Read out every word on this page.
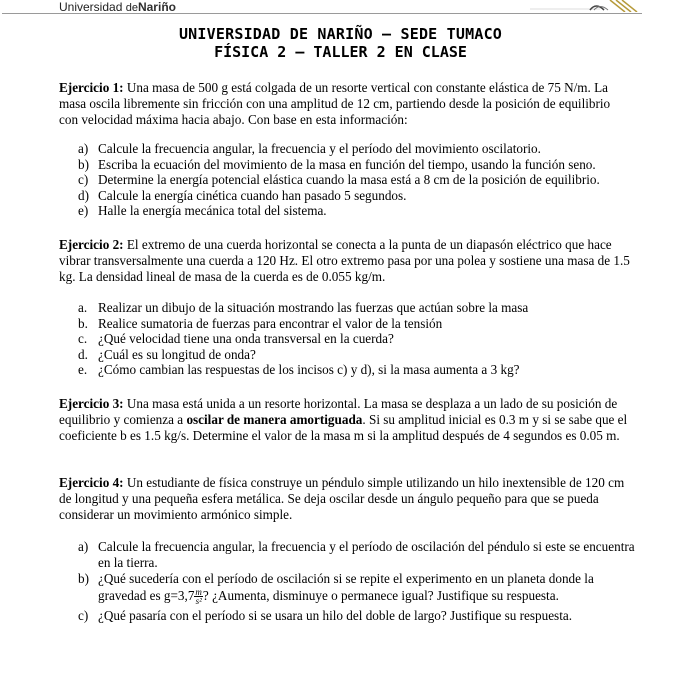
Universidad deNariño
UNIVERSIDAD DE NARIÑO – SEDE TUMACO
FÍSICA 2 – TALLER 2 EN CLASE
Ejercicio 1: Una masa de 500 g está colgada de un resorte vertical con constante elástica de 75 N/m. La masa oscila libremente sin fricción con una amplitud de 12 cm, partiendo desde la posición de equilibrio con velocidad máxima hacia abajo. Con base en esta información:
a) Calcule la frecuencia angular, la frecuencia y el período del movimiento oscilatorio.
b) Escriba la ecuación del movimiento de la masa en función del tiempo, usando la función seno.
c) Determine la energía potencial elástica cuando la masa está a 8 cm de la posición de equilibrio.
d) Calcule la energía cinética cuando han pasado 5 segundos.
e) Halle la energía mecánica total del sistema.
Ejercicio 2: El extremo de una cuerda horizontal se conecta a la punta de un diapasón eléctrico que hace vibrar transversalmente una cuerda a 120 Hz. El otro extremo pasa por una polea y sostiene una masa de 1.5 kg. La densidad lineal de masa de la cuerda es de 0.055 kg/m.
a. Realizar un dibujo de la situación mostrando las fuerzas que actúan sobre la masa
b. Realice sumatoria de fuerzas para encontrar el valor de la tensión
c. ¿Qué velocidad tiene una onda transversal en la cuerda?
d. ¿Cuál es su longitud de onda?
e. ¿Cómo cambian las respuestas de los incisos c) y d), si la masa aumenta a 3 kg?
Ejercicio 3: Una masa está unida a un resorte horizontal. La masa se desplaza a un lado de su posición de equilibrio y comienza a oscilar de manera amortiguada. Si su amplitud inicial es 0.3 m y si se sabe que el coeficiente b es 1.5 kg/s. Determine el valor de la masa m si la amplitud después de 4 segundos es 0.05 m.
Ejercicio 4: Un estudiante de física construye un péndulo simple utilizando un hilo inextensible de 120 cm de longitud y una pequeña esfera metálica. Se deja oscilar desde un ángulo pequeño para que se pueda considerar un movimiento armónico simple.
a) Calcule la frecuencia angular, la frecuencia y el período de oscilación del péndulo si este se encuentra en la tierra.
b) ¿Qué sucedería con el período de oscilación si se repite el experimento en un planeta donde la gravedad es $g=3,7 \frac{m}{\text{s²}}$ ? ¿Aumenta, disminuye o permanece igual? Justifique su respuesta.
c) ¿Qué pasaría con el período si se usara un hilo del doble de largo? Justifique su respuesta.
